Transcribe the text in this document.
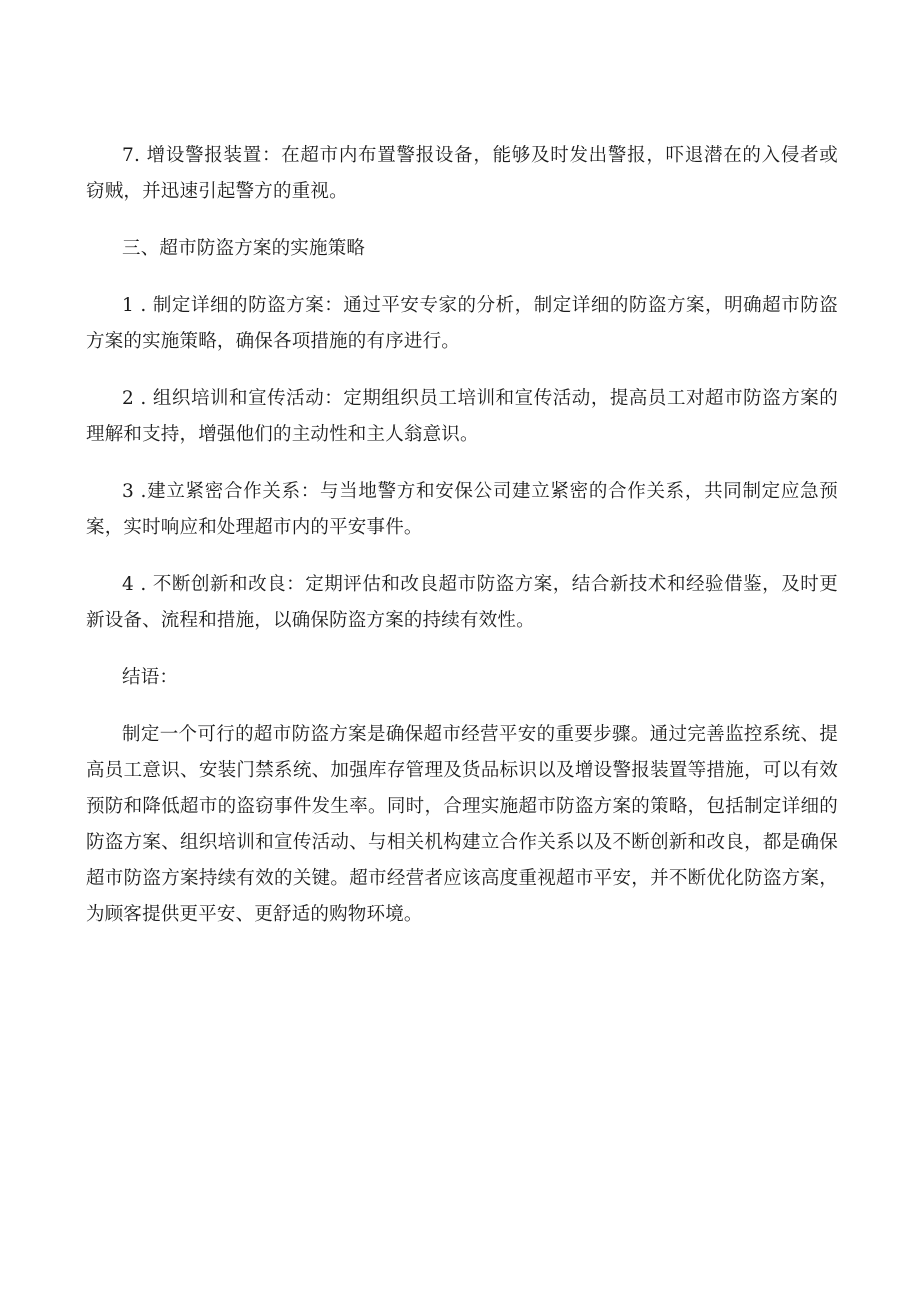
7. 增设警报装置：在超市内布置警报设备，能够及时发出警报，吓退潜在的入侵者或窃贼，并迅速引起警方的重视。

三、超市防盗方案的实施策略

1 . 制定详细的防盗方案：通过平安专家的分析，制定详细的防盗方案，明确超市防盗方案的实施策略，确保各项措施的有序进行。

2 . 组织培训和宣传活动：定期组织员工培训和宣传活动，提高员工对超市防盗方案的理解和支持，增强他们的主动性和主人翁意识。

3 .建立紧密合作关系：与当地警方和安保公司建立紧密的合作关系，共同制定应急预案，实时响应和处理超市内的平安事件。

4 . 不断创新和改良：定期评估和改良超市防盗方案，结合新技术和经验借鉴，及时更新设备、流程和措施，以确保防盗方案的持续有效性。

结语：

制定一个可行的超市防盗方案是确保超市经营平安的重要步骤。通过完善监控系统、提高员工意识、安装门禁系统、加强库存管理及货品标识以及增设警报装置等措施，可以有效预防和降低超市的盗窃事件发生率。同时，合理实施超市防盗方案的策略，包括制定详细的防盗方案、组织培训和宣传活动、与相关机构建立合作关系以及不断创新和改良，都是确保超市防盗方案持续有效的关键。超市经营者应该高度重视超市平安，并不断优化防盗方案，为顾客提供更平安、更舒适的购物环境。
